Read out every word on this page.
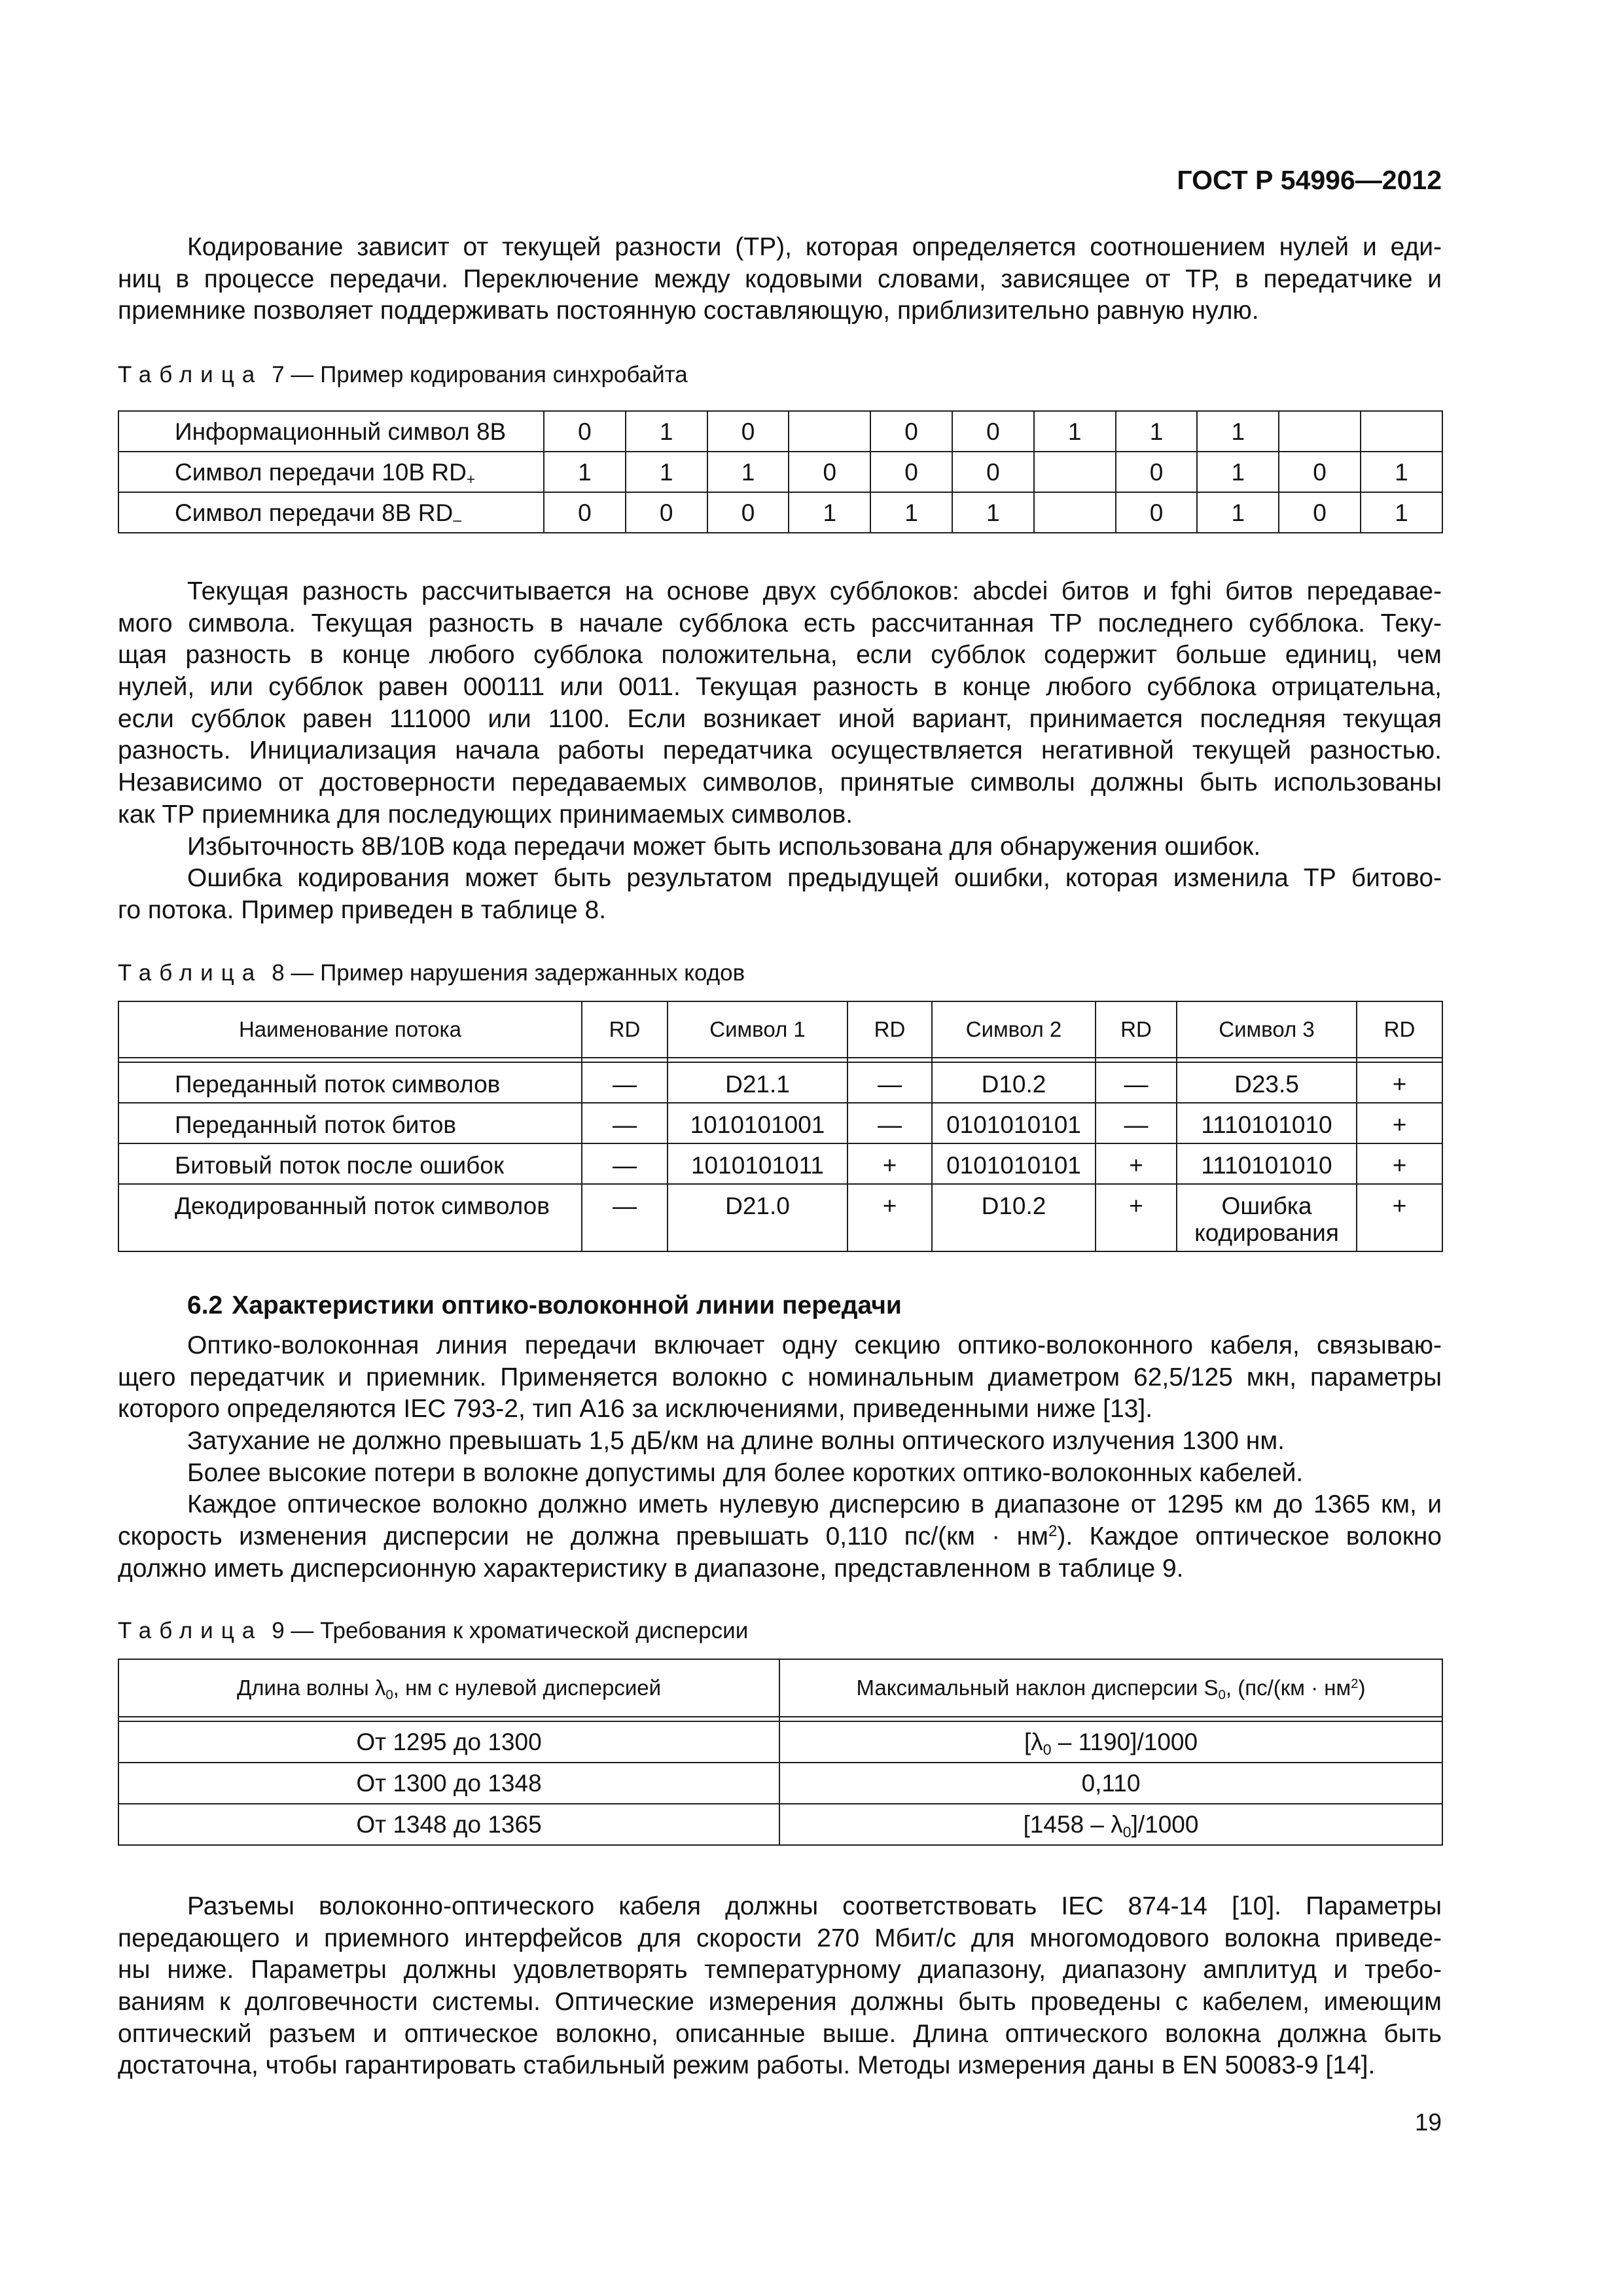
ГОСТ Р 54996—2012
Кодирование зависит от текущей разности (ТР), которая определяется соотношением нулей и еди-
ниц в процессе передачи. Переключение между кодовыми словами, зависящее от ТР, в передатчике и
приемнике позволяет поддерживать постоянную составляющую, приблизительно равную нулю.
Таблица 7 — Пример кодирования синхробайта
Информационный символ 8В	0	1	0		0	0	1	1	1		
Символ передачи 10В $RD_+$	1	1	1	0	0	0		0	1	0	1
Символ передачи 8В $RD_-$	0	0	0	1	1	1		0	1	0	1
Текущая разность рассчитывается на основе двух субблоков: abcdei битов и fghi битов передавае-
мого символа. Текущая разность в начале субблока есть рассчитанная ТР последнего субблока. Теку-
щая разность в конце любого субблока положительна, если субблок содержит больше единиц, чем
нулей, или субблок равен 000111 или 0011. Текущая разность в конце любого субблока отрицательна,
если субблок равен 111000 или 1100. Если возникает иной вариант, принимается последняя текущая
разность. Инициализация начала работы передатчика осуществляется негативной текущей разностью.
Независимо от достоверности передаваемых символов, принятые символы должны быть использованы
как ТР приемника для последующих принимаемых символов.
Избыточность 8В/10В кода передачи может быть использована для обнаружения ошибок.
Ошибка кодирования может быть результатом предыдущей ошибки, которая изменила ТР битово-
го потока. Пример приведен в таблице 8.
Таблица 8 — Пример нарушения задержанных кодов
Наименование потока	RD	Символ 1	RD	Символ 2	RD	Символ 3	RD

Переданный поток символов	—	D21.1	—	D10.2	—	D23.5	+
Переданный поток битов	—	1010101001	—	0101010101	—	1110101010	+
Битовый поток после ошибок	—	1010101011	+	0101010101	+	1110101010	+
Декодированный поток символов	—	D21.0	+	D10.2	+	Ошибка кодирования	+
6.2 Характеристики оптико-волоконной линии передачи
Оптико-волоконная линия передачи включает одну секцию оптико-волоконного кабеля, связываю-
щего передатчик и приемник. Применяется волокно с номинальным диаметром 62,5/125 мкн, параметры
которого определяются IEC 793-2, тип A16 за исключениями, приведенными ниже [13].
Затухание не должно превышать 1,5 дБ/км на длине волны оптического излучения 1300 нм.
Более высокие потери в волокне допустимы для более коротких оптико-волоконных кабелей.
Каждое оптическое волокно должно иметь нулевую дисперсию в диапазоне от 1295 км до 1365 км, и
скорость изменения дисперсии не должна превышать 0,110 $пс/(км \cdot нм^2)$. Каждое оптическое волокно
должно иметь дисперсионную характеристику в диапазоне, представленном в таблице 9.
Таблица 9 — Требования к хроматической дисперсии
Длина волны $\lambda_0$, нм с нулевой дисперсией	Максимальный наклон дисперсии $S_0$, ($пс/(км \cdot нм^2)$

От 1295 до 1300	$[\lambda_0 - 1190]/1000$
От 1300 до 1348	0,110
От 1348 до 1365	$[1458 - \lambda_0]/1000$
Разъемы волоконно-оптического кабеля должны соответствовать IEC 874-14 [10]. Параметры
передающего и приемного интерфейсов для скорости 270 Мбит/с для многомодового волокна приведе-
ны ниже. Параметры должны удовлетворять температурному диапазону, диапазону амплитуд и требо-
ваниям к долговечности системы. Оптические измерения должны быть проведены с кабелем, имеющим
оптический разъем и оптическое волокно, описанные выше. Длина оптического волокна должна быть
достаточна, чтобы гарантировать стабильный режим работы. Методы измерения даны в EN 50083-9 [14].
19
